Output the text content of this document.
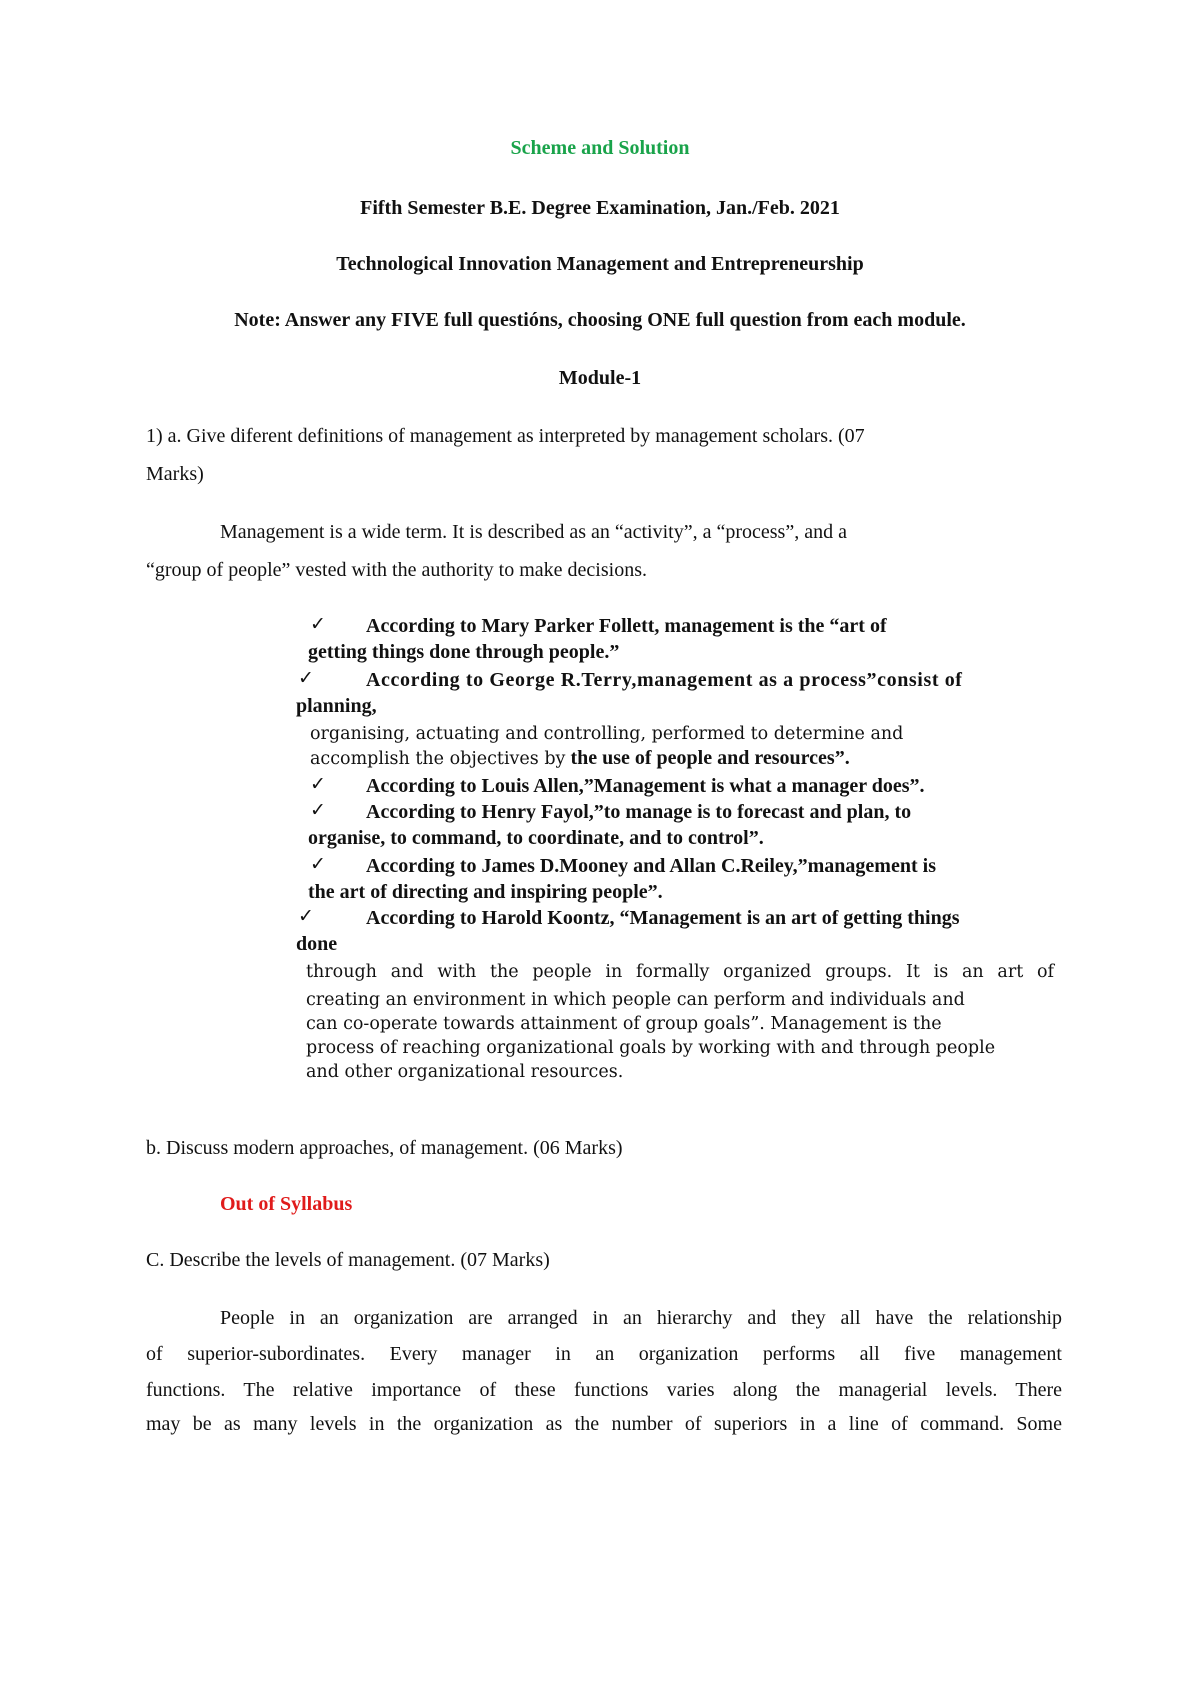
Scheme and Solution
Fifth Semester B.E. Degree Examination, Jan./Feb. 2021
Technological Innovation Management and Entrepreneurship
Note: Answer any FIVE full questións, choosing ONE full question from each module.
Module-1
1) a. Give diferent definitions of management as interpreted by management scholars. (07
Marks)
Management is a wide term. It is described as an “activity”, a “process”, and a
“group of people” vested with the authority to make decisions.
✓ According to Mary Parker Follett, management is the “art of
getting things done through people.”
✓	According to George R.Terry,management as a process”consist of
planning,
organising, actuating and controlling, performed to determine and
accomplish the objectives by the use of people and resources”.
✓ According to Louis Allen,”Management is what a manager does”.
✓ According to Henry Fayol,”to manage is to forecast and plan, to
organise, to command, to coordinate, and to control”.
✓ According to James D.Mooney and Allan C.Reiley,”management is
the art of directing and inspiring people”.
✓	According to Harold Koontz, “Management is an art of getting things
done
through and with the people in formally organized groups. It is an art of
creating an environment in which people can perform and individuals and
can co-operate towards attainment of group goals”. Management is the
process of reaching organizational goals by working with and through people
and other organizational resources.
b. Discuss modern approaches, of management. (06 Marks)
Out of Syllabus
C. Describe the levels of management. (07 Marks)
People in an organization are arranged in an hierarchy and they all have the relationship
of superior-subordinates. Every manager in an organization performs all five management
functions. The relative importance of these functions varies along the managerial levels. There
may be as many levels in the organization as the number of superiors in a line of command. Some
